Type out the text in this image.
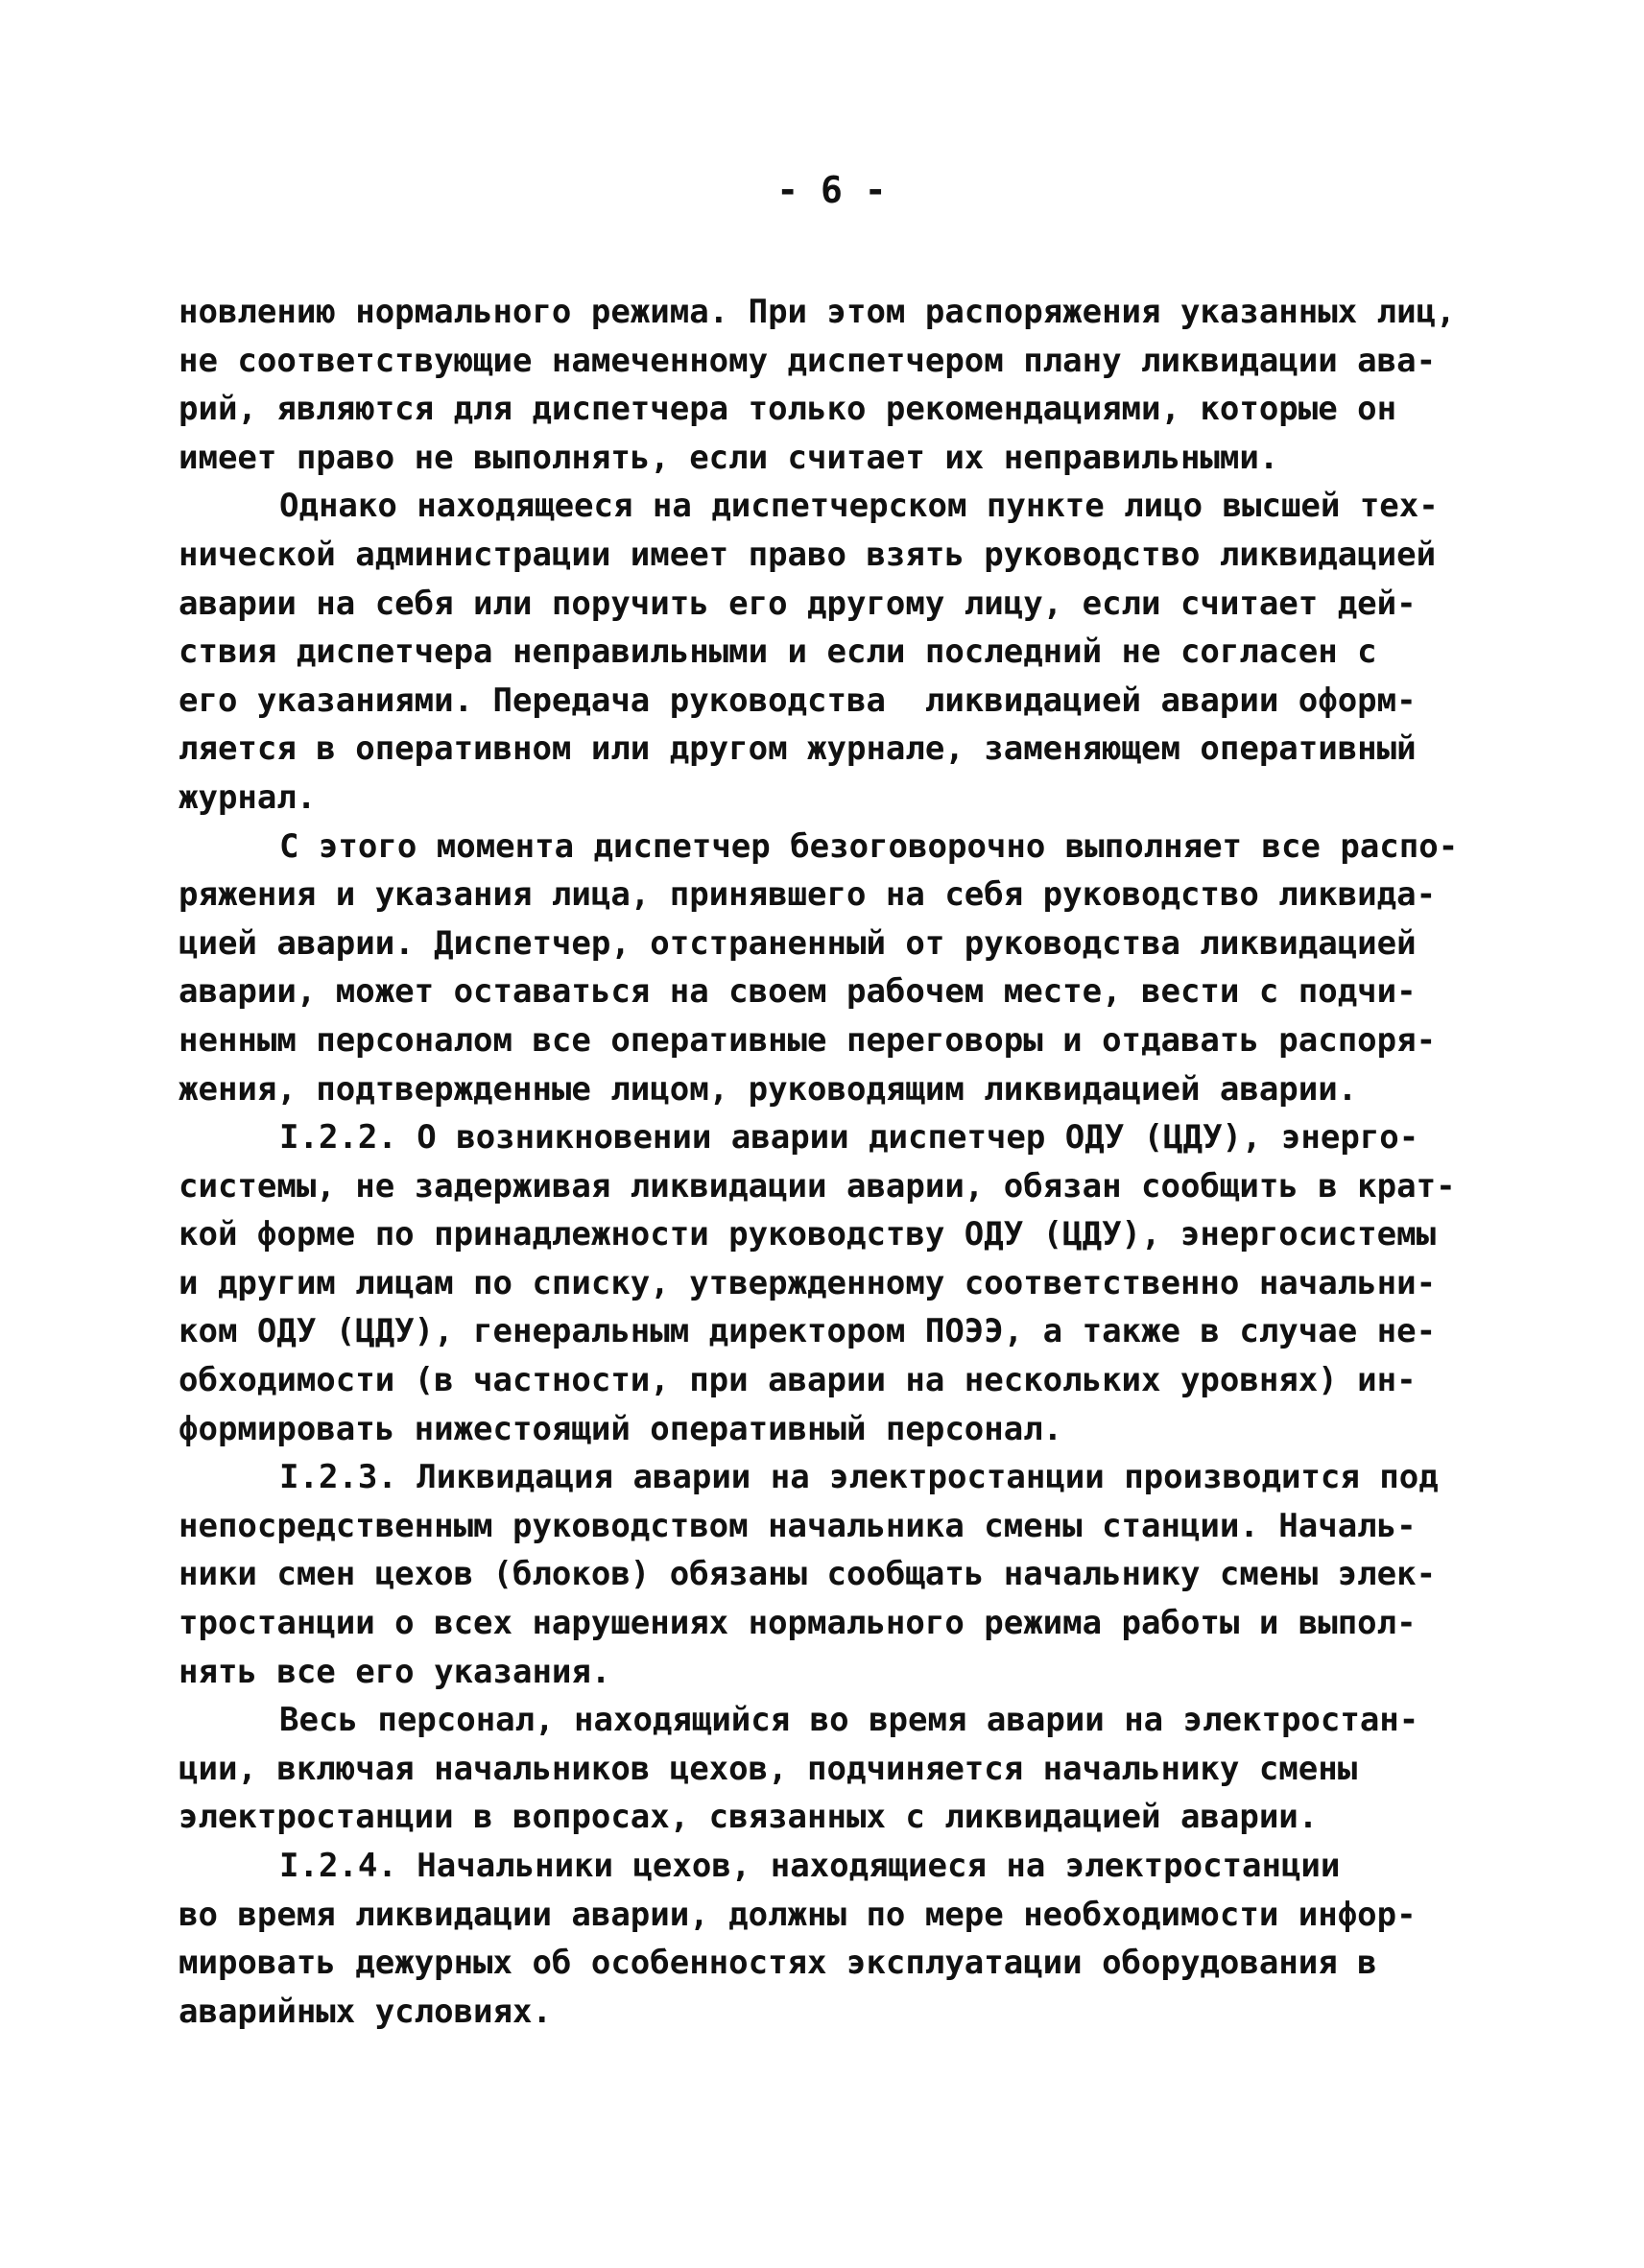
- 6 -
новлению нормального режима. При этом распоряжения указанных лиц,
не соответствующие намеченному диспетчером плану ликвидации ава-
рий, являются для диспетчера только рекомендациями, которые он
имеет право не выполнять, если считает их неправильными.
Однако находящееся на диспетчерском пункте лицо высшей тех-
нической администрации имеет право взять руководство ликвидацией
аварии на себя или поручить его другому лицу, если считает дей-
ствия диспетчера неправильными и если последний не согласен с
его указаниями. Передача руководства  ликвидацией аварии оформ-
ляется в оперативном или другом журнале, заменяющем оперативный
журнал.
С этого момента диспетчер безоговорочно выполняет все распо-
ряжения и указания лица, принявшего на себя руководство ликвида-
цией аварии. Диспетчер, отстраненный от руководства ликвидацией
аварии, может оставаться на своем рабочем месте, вести с подчи-
ненным персоналом все оперативные переговоры и отдавать распоря-
жения, подтвержденные лицом, руководящим ликвидацией аварии.
I.2.2. О возникновении аварии диспетчер ОДУ (ЦДУ), энерго-
системы, не задерживая ликвидации аварии, обязан сообщить в крат-
кой форме по принадлежности руководству ОДУ (ЦДУ), энергосистемы
и другим лицам по списку, утвержденному соответственно начальни-
ком ОДУ (ЦДУ), генеральным директором ПОЭЭ, а также в случае не-
обходимости (в частности, при аварии на нескольких уровнях) ин-
формировать нижестоящий оперативный персонал.
I.2.3. Ликвидация аварии на электростанции производится под
непосредственным руководством начальника смены станции. Началь-
ники смен цехов (блоков) обязаны сообщать начальнику смены элек-
тростанции о всех нарушениях нормального режима работы и выпол-
нять все его указания.
Весь персонал, находящийся во время аварии на электростан-
ции, включая начальников цехов, подчиняется начальнику смены
электростанции в вопросах, связанных с ликвидацией аварии.
I.2.4. Начальники цехов, находящиеся на электростанции
во время ликвидации аварии, должны по мере необходимости инфор-
мировать дежурных об особенностях эксплуатации оборудования в
аварийных условиях.
